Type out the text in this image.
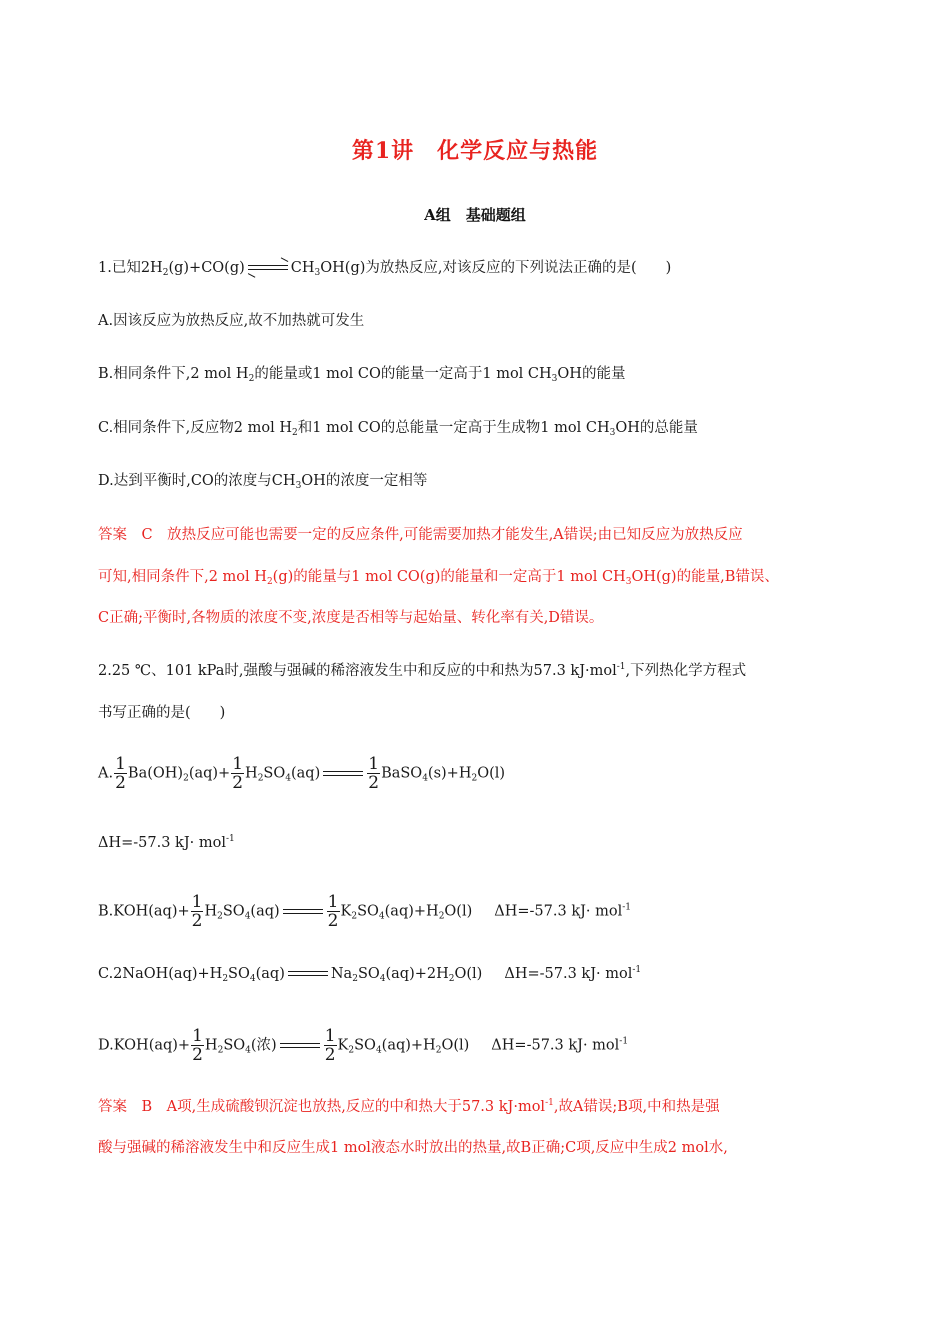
第1讲　化学反应与热能
A组　基础题组
1.已知$2H_2(g)+CO(g)$	$CH_3OH(g)$为放热反应,对该反应的下列说法正确的是(　　)
A.因该反应为放热反应,故不加热就可发生
B.相同条件下,2 mol $H_2$的能量或1 mol CO的能量一定高于1 mol $CH_3OH$的能量
C.相同条件下,反应物2 mol $H_2$和1 mol CO的总能量一定高于生成物1 mol $CH_3OH$的总能量
D.达到平衡时,CO的浓度与$CH_3OH$的浓度一定相等
答案　C　放热反应可能也需要一定的反应条件,可能需要加热才能发生,A错误;由已知反应为放热反应
可知,相同条件下,2 mol $H_2(g)$的能量与1 mol CO(g)的能量和一定高于1 mol $CH_3OH(g)$的能量,B错误、
C正确;平衡时,各物质的浓度不变,浓度是否相等与起始量、转化率有关,D错误。
2.25 ℃、101 kPa时,强酸与强碱的稀溶液发生中和反应的中和热为57.3 kJ·mol$^{-1}$,下列热化学方程式
书写正确的是(　　)
A. $\frac{1}{2} Ba(OH)_2(aq)+ \frac{1}{2} H_2SO_4(aq)$	$\frac{1}{2}$ $BaSO_4(s)+H_2O(l)$
ΔH=-57.3 kJ· mol$^{-1}$
$B.KOH(aq)+ \frac{1}{2} H_2SO_4(aq)$	$\frac{1}{2} K_2SO_4(aq)+H_2O(l)$ ΔH=-57.3 kJ· mol$^{-1}$
$C.2NaOH(aq)+H_2SO_4(aq)$	$Na_2SO_4(aq)+2H_2O(l)$ ΔH=-57.3 kJ· mol$^{-1}$
$D.KOH(aq)+ \frac{1}{2} H_2SO_4$(浓)	$\frac{1}{2} K_2SO_4(aq)+H_2O(l)$ ΔH=-57.3 kJ· mol$^{-1}$
答案　B　A项,生成硫酸钡沉淀也放热,反应的中和热大于57.3 kJ·mol$^{-1}$,故A错误;B项,中和热是强
酸与强碱的稀溶液发生中和反应生成1 mol液态水时放出的热量,故B正确;C项,反应中生成2 mol水,
